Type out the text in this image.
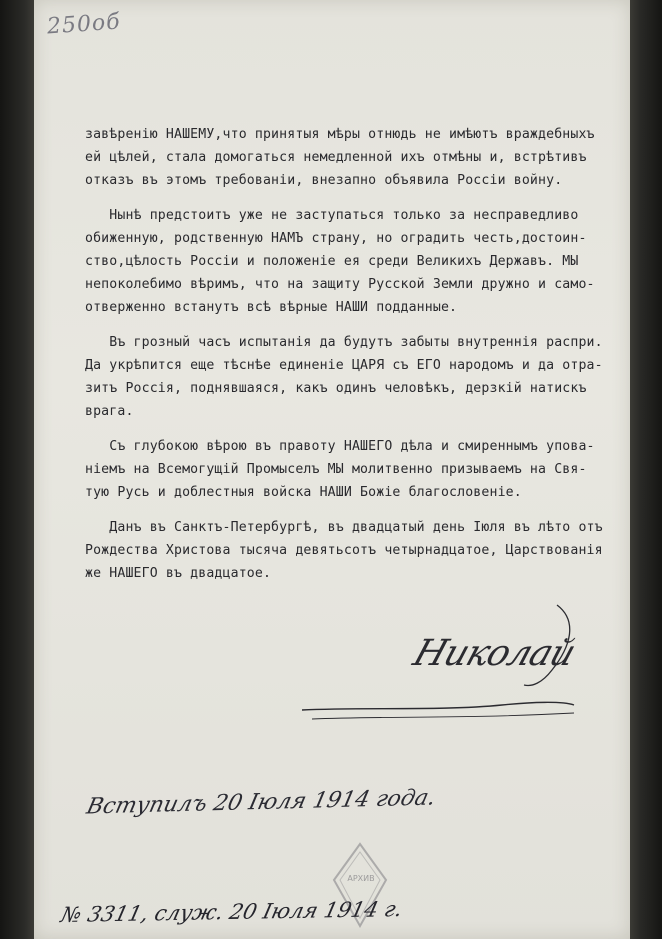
250об
завѣренію НАШЕМУ,что принятыя мѣры отнюдь не имѣютъ враждебныхъ
ей цѣлей, стала домогаться немедленной ихъ отмѣны и, встрѣтивъ
отказъ въ этомъ требованіи, внезапно объявила Россіи войну.
Нынѣ предстоитъ уже не заступаться только за несправедливо
обиженную, родственную НАМЪ страну, но оградить честь,достоин-
ство,цѣлость Россіи и положеніе ея среди Великихъ Державъ. МЫ
непоколебимо вѣримъ, что на защиту Русской Земли дружно и само-
отверженно встанутъ всѣ вѣрные НАШИ подданные.
Въ грозный часъ испытанія да будутъ забыты внутреннія распри.
Да укрѣпится еще тѣснѣе единеніе ЦАРЯ съ ЕГО народомъ и да отра-
зитъ Россія, поднявшаяся, какъ одинъ человѣкъ, дерзкій натискъ
врага.
Съ глубокою вѣрою въ правоту НАШЕГО дѣла и смиреннымъ упова-
ніемъ на Всемогущій Промыселъ МЫ молитвенно призываемъ на Свя-
тую Русь и доблестныя войска НАШИ Божіе благословеніе.
Данъ въ Санктъ-Петербургѣ, въ двадцатый день Іюля въ лѣто отъ
Рождества Христова тысяча девятьсотъ четырнадцатое, Царствованія
же НАШЕГО въ двадцатое.
Николай
Вступилъ 20 Іюля 1914 года.
АРХИВ
№ 3311, служ. 20 Іюля 1914 г.
